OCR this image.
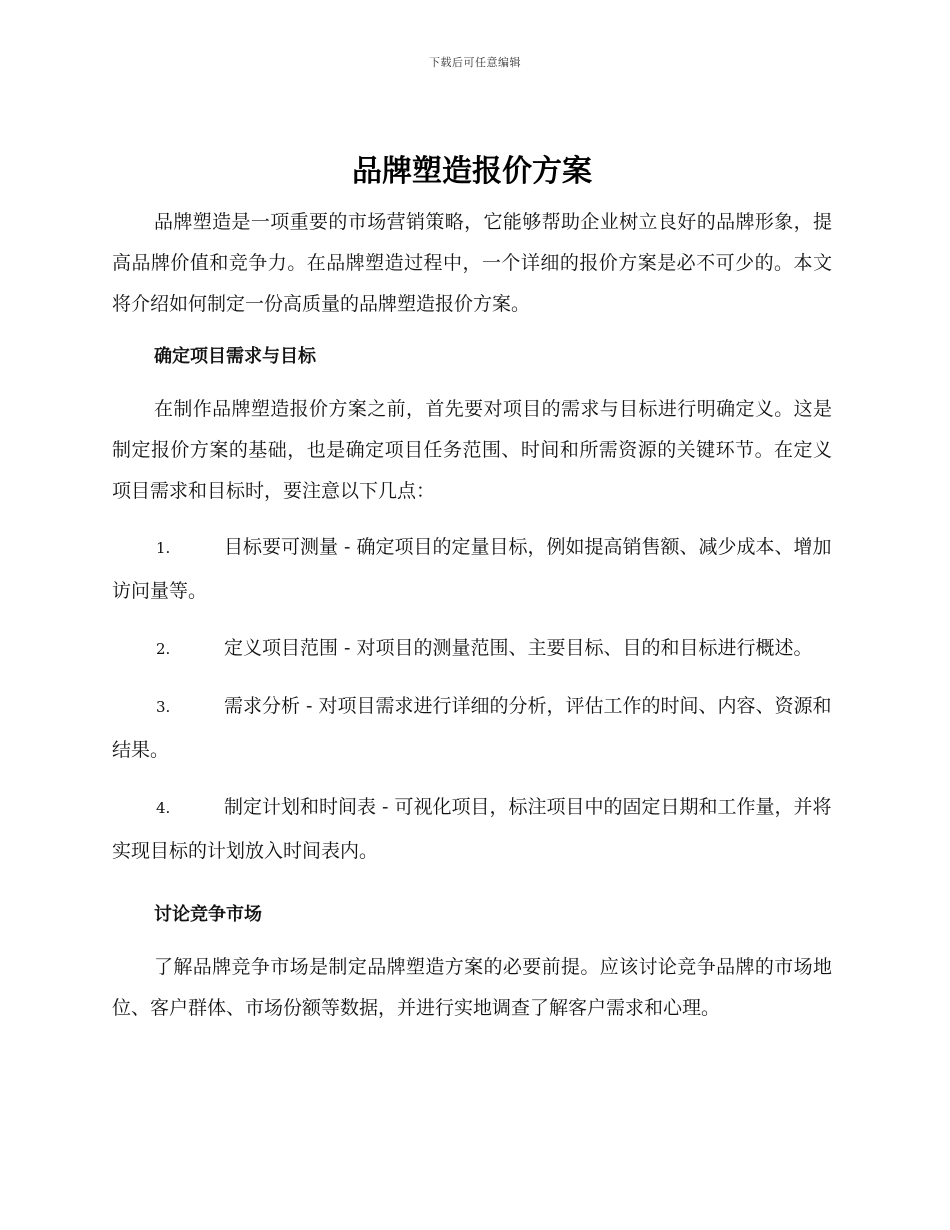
下载后可任意编辑
品牌塑造报价方案

品牌塑造是一项重要的市场营销策略，它能够帮助企业树立良好的品牌形象，提高品牌价值和竞争力。在品牌塑造过程中，一个详细的报价方案是必不可少的。本文将介绍如何制定一份高质量的品牌塑造报价方案。

确定项目需求与目标

在制作品牌塑造报价方案之前，首先要对项目的需求与目标进行明确定义。这是制定报价方案的基础，也是确定项目任务范围、时间和所需资源的关键环节。在定义项目需求和目标时，要注意以下几点：

1.	目标要可测量 - 确定项目的定量目标，例如提高销售额、减少成本、增加访问量等。
2.	定义项目范围 - 对项目的测量范围、主要目标、目的和目标进行概述。
3.	需求分析 - 对项目需求进行详细的分析，评估工作的时间、内容、资源和结果。
4.	制定计划和时间表 - 可视化项目，标注项目中的固定日期和工作量，并将实现目标的计划放入时间表内。
讨论竞争市场

了解品牌竞争市场是制定品牌塑造方案的必要前提。应该讨论竞争品牌的市场地位、客户群体、市场份额等数据，并进行实地调查了解客户需求和心理。
